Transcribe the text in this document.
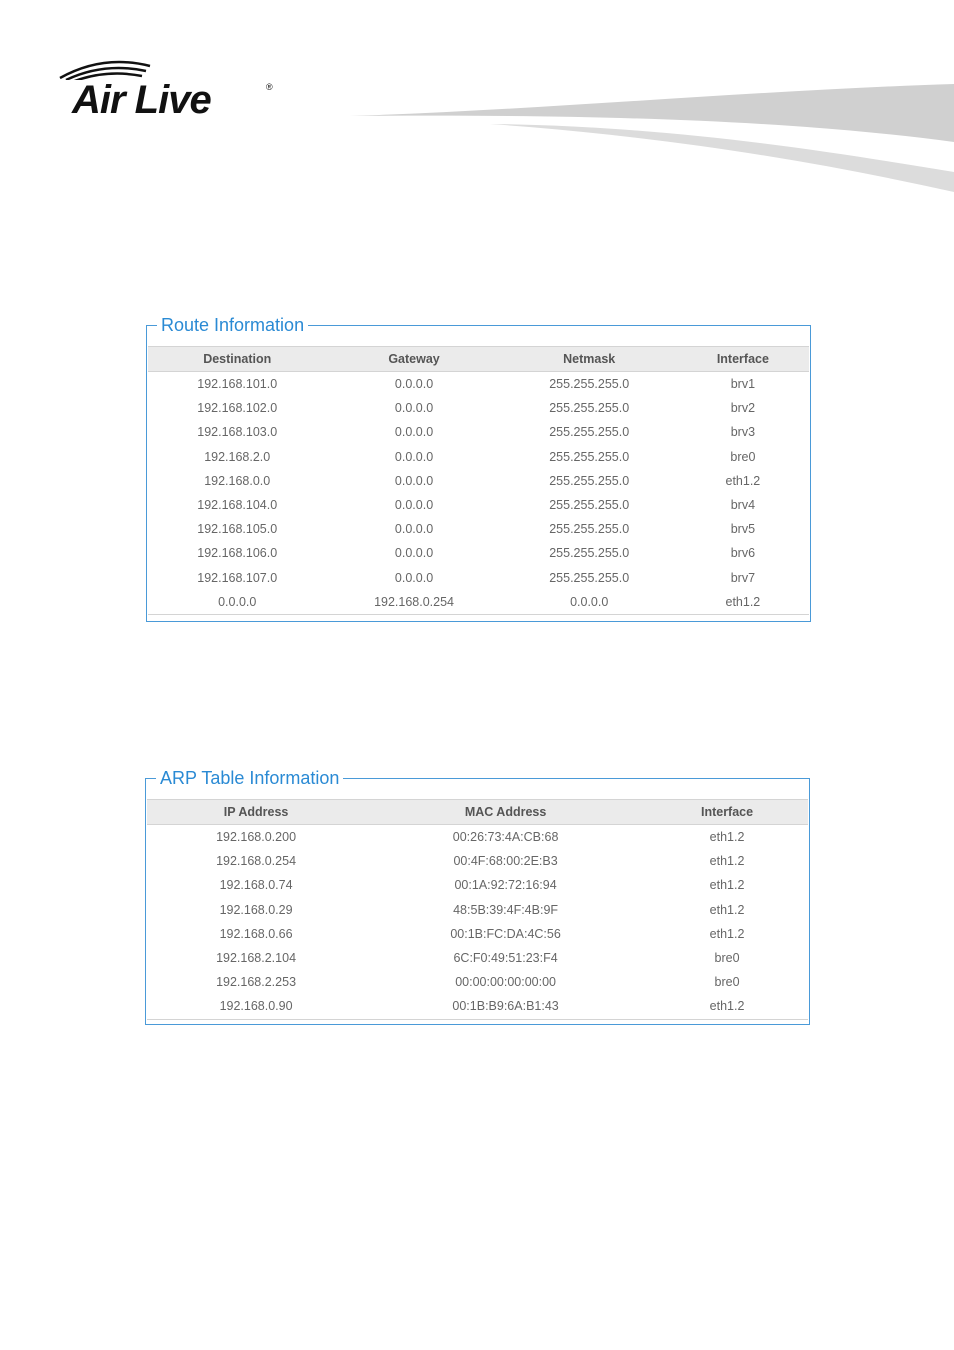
Air Live	®
Route Information
Destination	Gateway	Netmask	Interface
192.168.101.0	0.0.0.0	255.255.255.0	brv1
192.168.102.0	0.0.0.0	255.255.255.0	brv2
192.168.103.0	0.0.0.0	255.255.255.0	brv3
192.168.2.0	0.0.0.0	255.255.255.0	bre0
192.168.0.0	0.0.0.0	255.255.255.0	eth1.2
192.168.104.0	0.0.0.0	255.255.255.0	brv4
192.168.105.0	0.0.0.0	255.255.255.0	brv5
192.168.106.0	0.0.0.0	255.255.255.0	brv6
192.168.107.0	0.0.0.0	255.255.255.0	brv7
0.0.0.0	192.168.0.254	0.0.0.0	eth1.2
ARP Table Information
IP Address	MAC Address	Interface
192.168.0.200	00:26:73:4A:CB:68	eth1.2
192.168.0.254	00:4F:68:00:2E:B3	eth1.2
192.168.0.74	00:1A:92:72:16:94	eth1.2
192.168.0.29	48:5B:39:4F:4B:9F	eth1.2
192.168.0.66	00:1B:FC:DA:4C:56	eth1.2
192.168.2.104	6C:F0:49:51:23:F4	bre0
192.168.2.253	00:00:00:00:00:00	bre0
192.168.0.90	00:1B:B9:6A:B1:43	eth1.2
